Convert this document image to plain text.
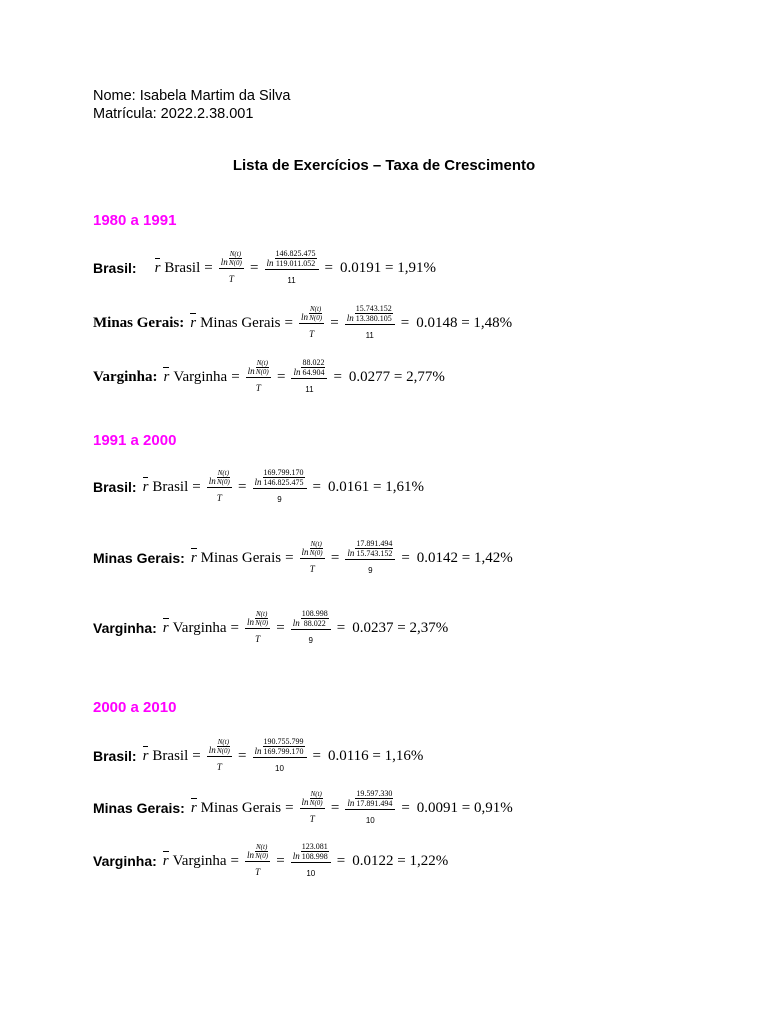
Nome: Isabela Martim da Silva
Matrícula: 2022.2.38.001
Lista de Exercícios – Taxa de Crescimento
1980 a 1991
Brasil: r Brasil = ln
N(t)
N(0)
T = ln
146.825.475
119.011.052
11 = 0.0191 = 1,91%
Minas Gerais: r Minas Gerais = ln
N(t)
N(0)
T = ln
15.743.152
13.380.105
11 = 0.0148 = 1,48%
Varginha: r Varginha = ln
N(t)
N(0)
T = ln
88.022
64.904
11 = 0.0277 = 2,77%
1991 a 2000
Brasil: r Brasil = ln
N(t)
N(0)
T = ln
169.799.170
146.825.475
9 = 0.0161 = 1,61%
Minas Gerais: r Minas Gerais = ln
N(t)
N(0)
T = ln
17.891.494
15.743.152
9 = 0.0142 = 1,42%
Varginha: r Varginha = ln
N(t)
N(0)
T = ln
108.998
88.022
9 = 0.0237 = 2,37%
2000 a 2010
Brasil: r Brasil = ln
N(t)
N(0)
T = ln
190.755.799
169.799.170
10 = 0.0116 = 1,16%
Minas Gerais: r Minas Gerais = ln
N(t)
N(0)
T = ln
19.597.330
17.891.494
10 = 0.0091 = 0,91%
Varginha: r Varginha = ln
N(t)
N(0)
T = ln
123.081
108.998
10 = 0.0122 = 1,22%
